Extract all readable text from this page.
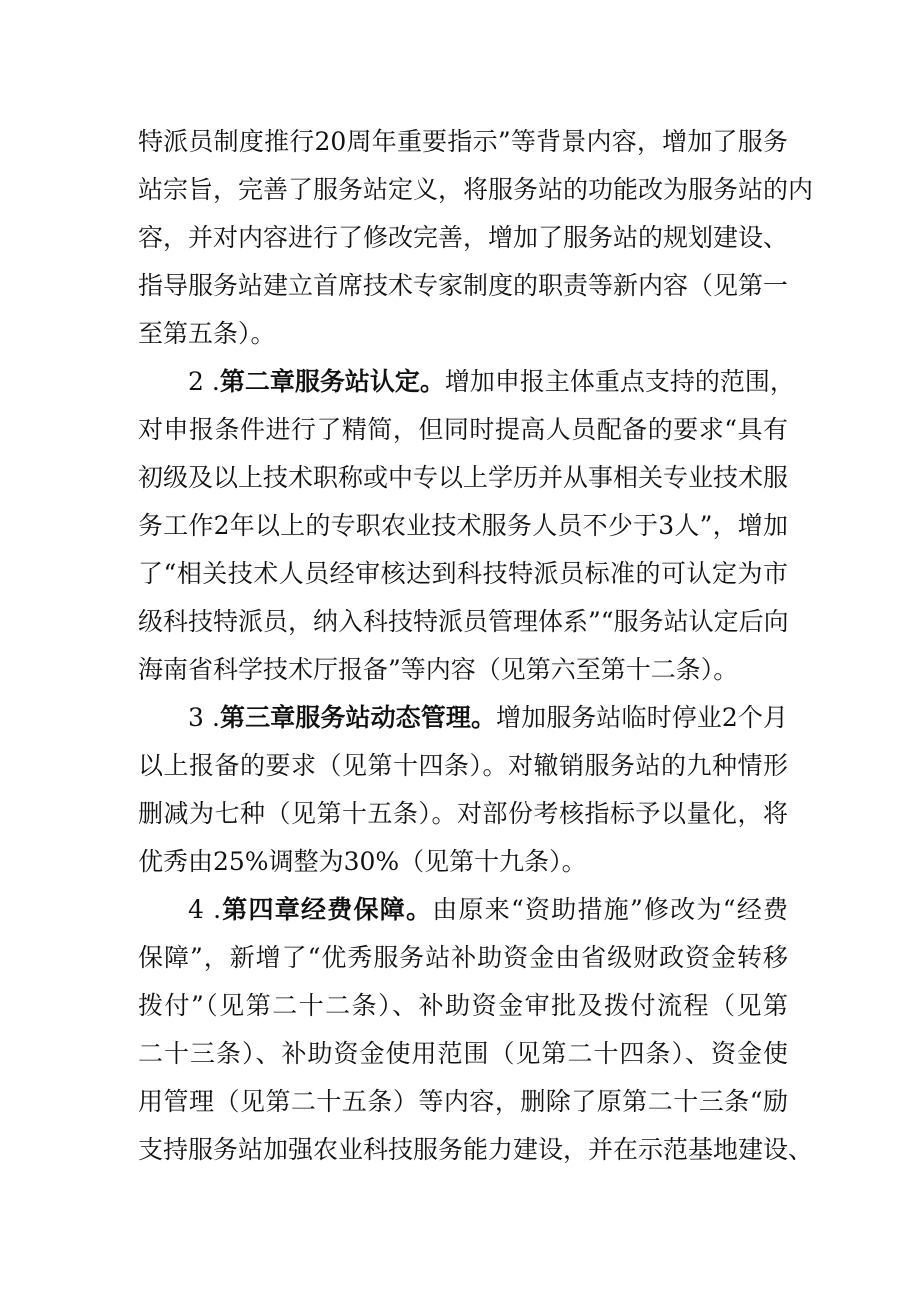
特派员制度推行20周年重要指示”等背景内容，增加了服务
站宗旨，完善了服务站定义，将服务站的功能改为服务站的内
容，并对内容进行了修改完善，增加了服务站的规划建设、
指导服务站建立首席技术专家制度的职责等新内容（见第一
至第五条）。
2 .第二章服务站认定。增加申报主体重点支持的范围，
对申报条件进行了精简，但同时提高人员配备的要求“具有
初级及以上技术职称或中专以上学历并从事相关专业技术服
务工作2年以上的专职农业技术服务人员不少于3人”，增加
了“相关技术人员经审核达到科技特派员标准的可认定为市
级科技特派员，纳入科技特派员管理体系”“服务站认定后向
海南省科学技术厅报备”等内容（见第六至第十二条）。
3 .第三章服务站动态管理。增加服务站临时停业2个月
以上报备的要求（见第十四条）。对辙销服务站的九种情形
删减为七种（见第十五条）。对部份考核指标予以量化，将
优秀由25%调整为30%（见第十九条）。
4 .第四章经费保障。由原来“资助措施”修改为“经费
保障”，新增了“优秀服务站补助资金由省级财政资金转移
拨付”（见第二十二条）、补助资金审批及拨付流程（见第
二十三条）、补助资金使用范围（见第二十四条）、资金使
用管理（见第二十五条）等内容，删除了原第二十三条“励
支持服务站加强农业科技服务能力建设，并在示范基地建设、
